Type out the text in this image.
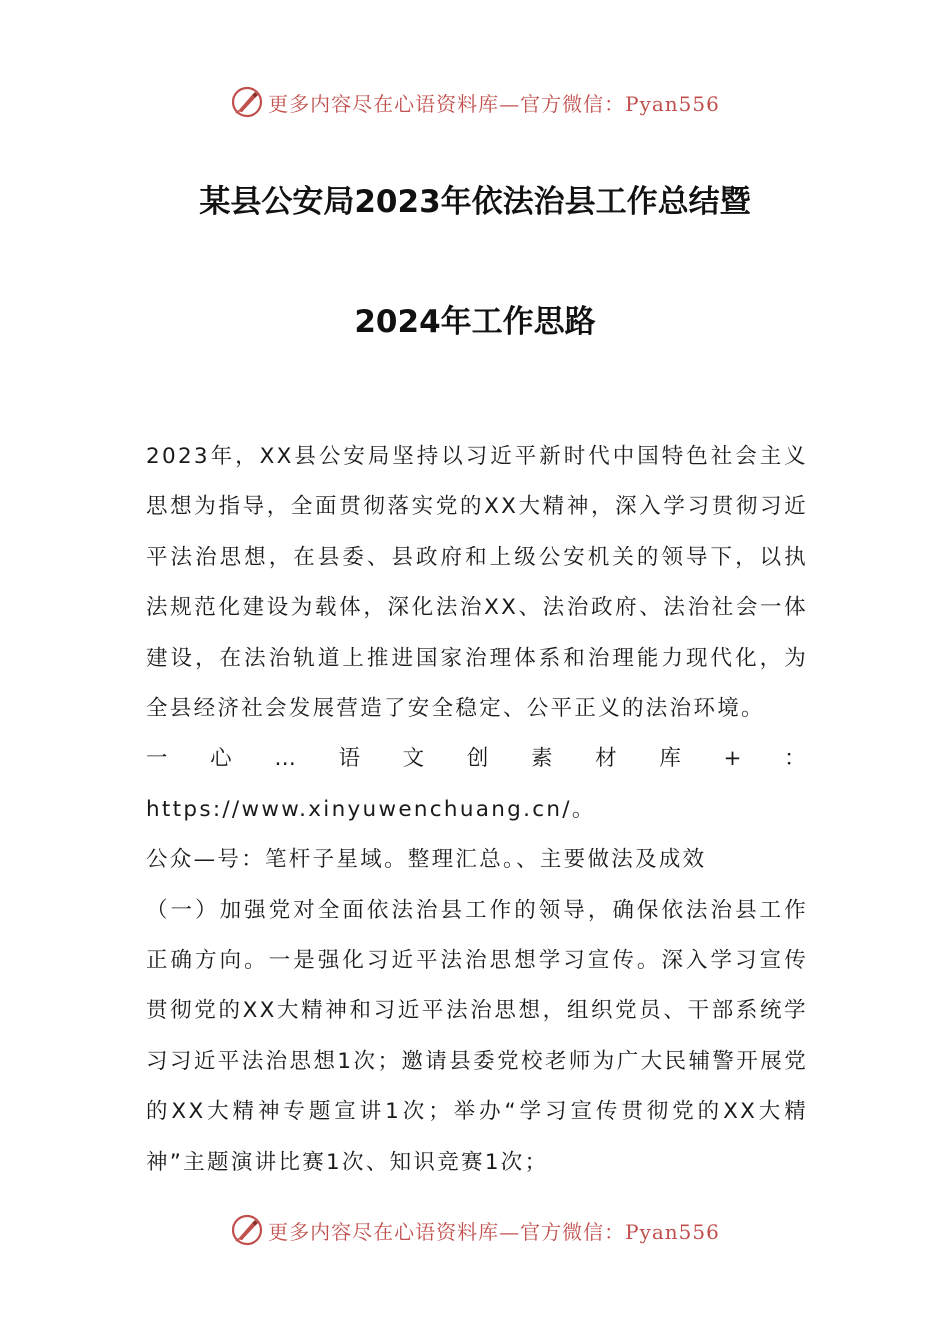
更多内容尽在心语资料库—官方微信：Pyan556
某县公安局2023年依法治县工作总结暨
2024年工作思路

2023年，XX县公安局坚持以习近平新时代中国特色社会主义思想为指导，全面贯彻落实党的XX大精神，深入学习贯彻习近平法治思想，在县委、县政府和上级公安机关的领导下，以执法规范化建设为载体，深化法治XX、法治政府、法治社会一体建设，在法治轨道上推进国家治理体系和治理能力现代化，为全县经济社会发展营造了安全稳定、公平正义的法治环境。

一心…语文创素材库+：https://www.xinyuwenchuang.cn/。

公众—号：笔杆子星域。整理汇总。、主要做法及成效

（一）加强党对全面依法治县工作的领导，确保依法治县工作正确方向。一是强化习近平法治思想学习宣传。深入学习宣传贯彻党的XX大精神和习近平法治思想，组织党员、干部系统学习习近平法治思想1次；邀请县委党校老师为广大民辅警开展党的XX大精神专题宣讲1次；举办“学习宣传贯彻党的XX大精神”主题演讲比赛1次、知识竞赛1次；

更多内容尽在心语资料库—官方微信：Pyan556
